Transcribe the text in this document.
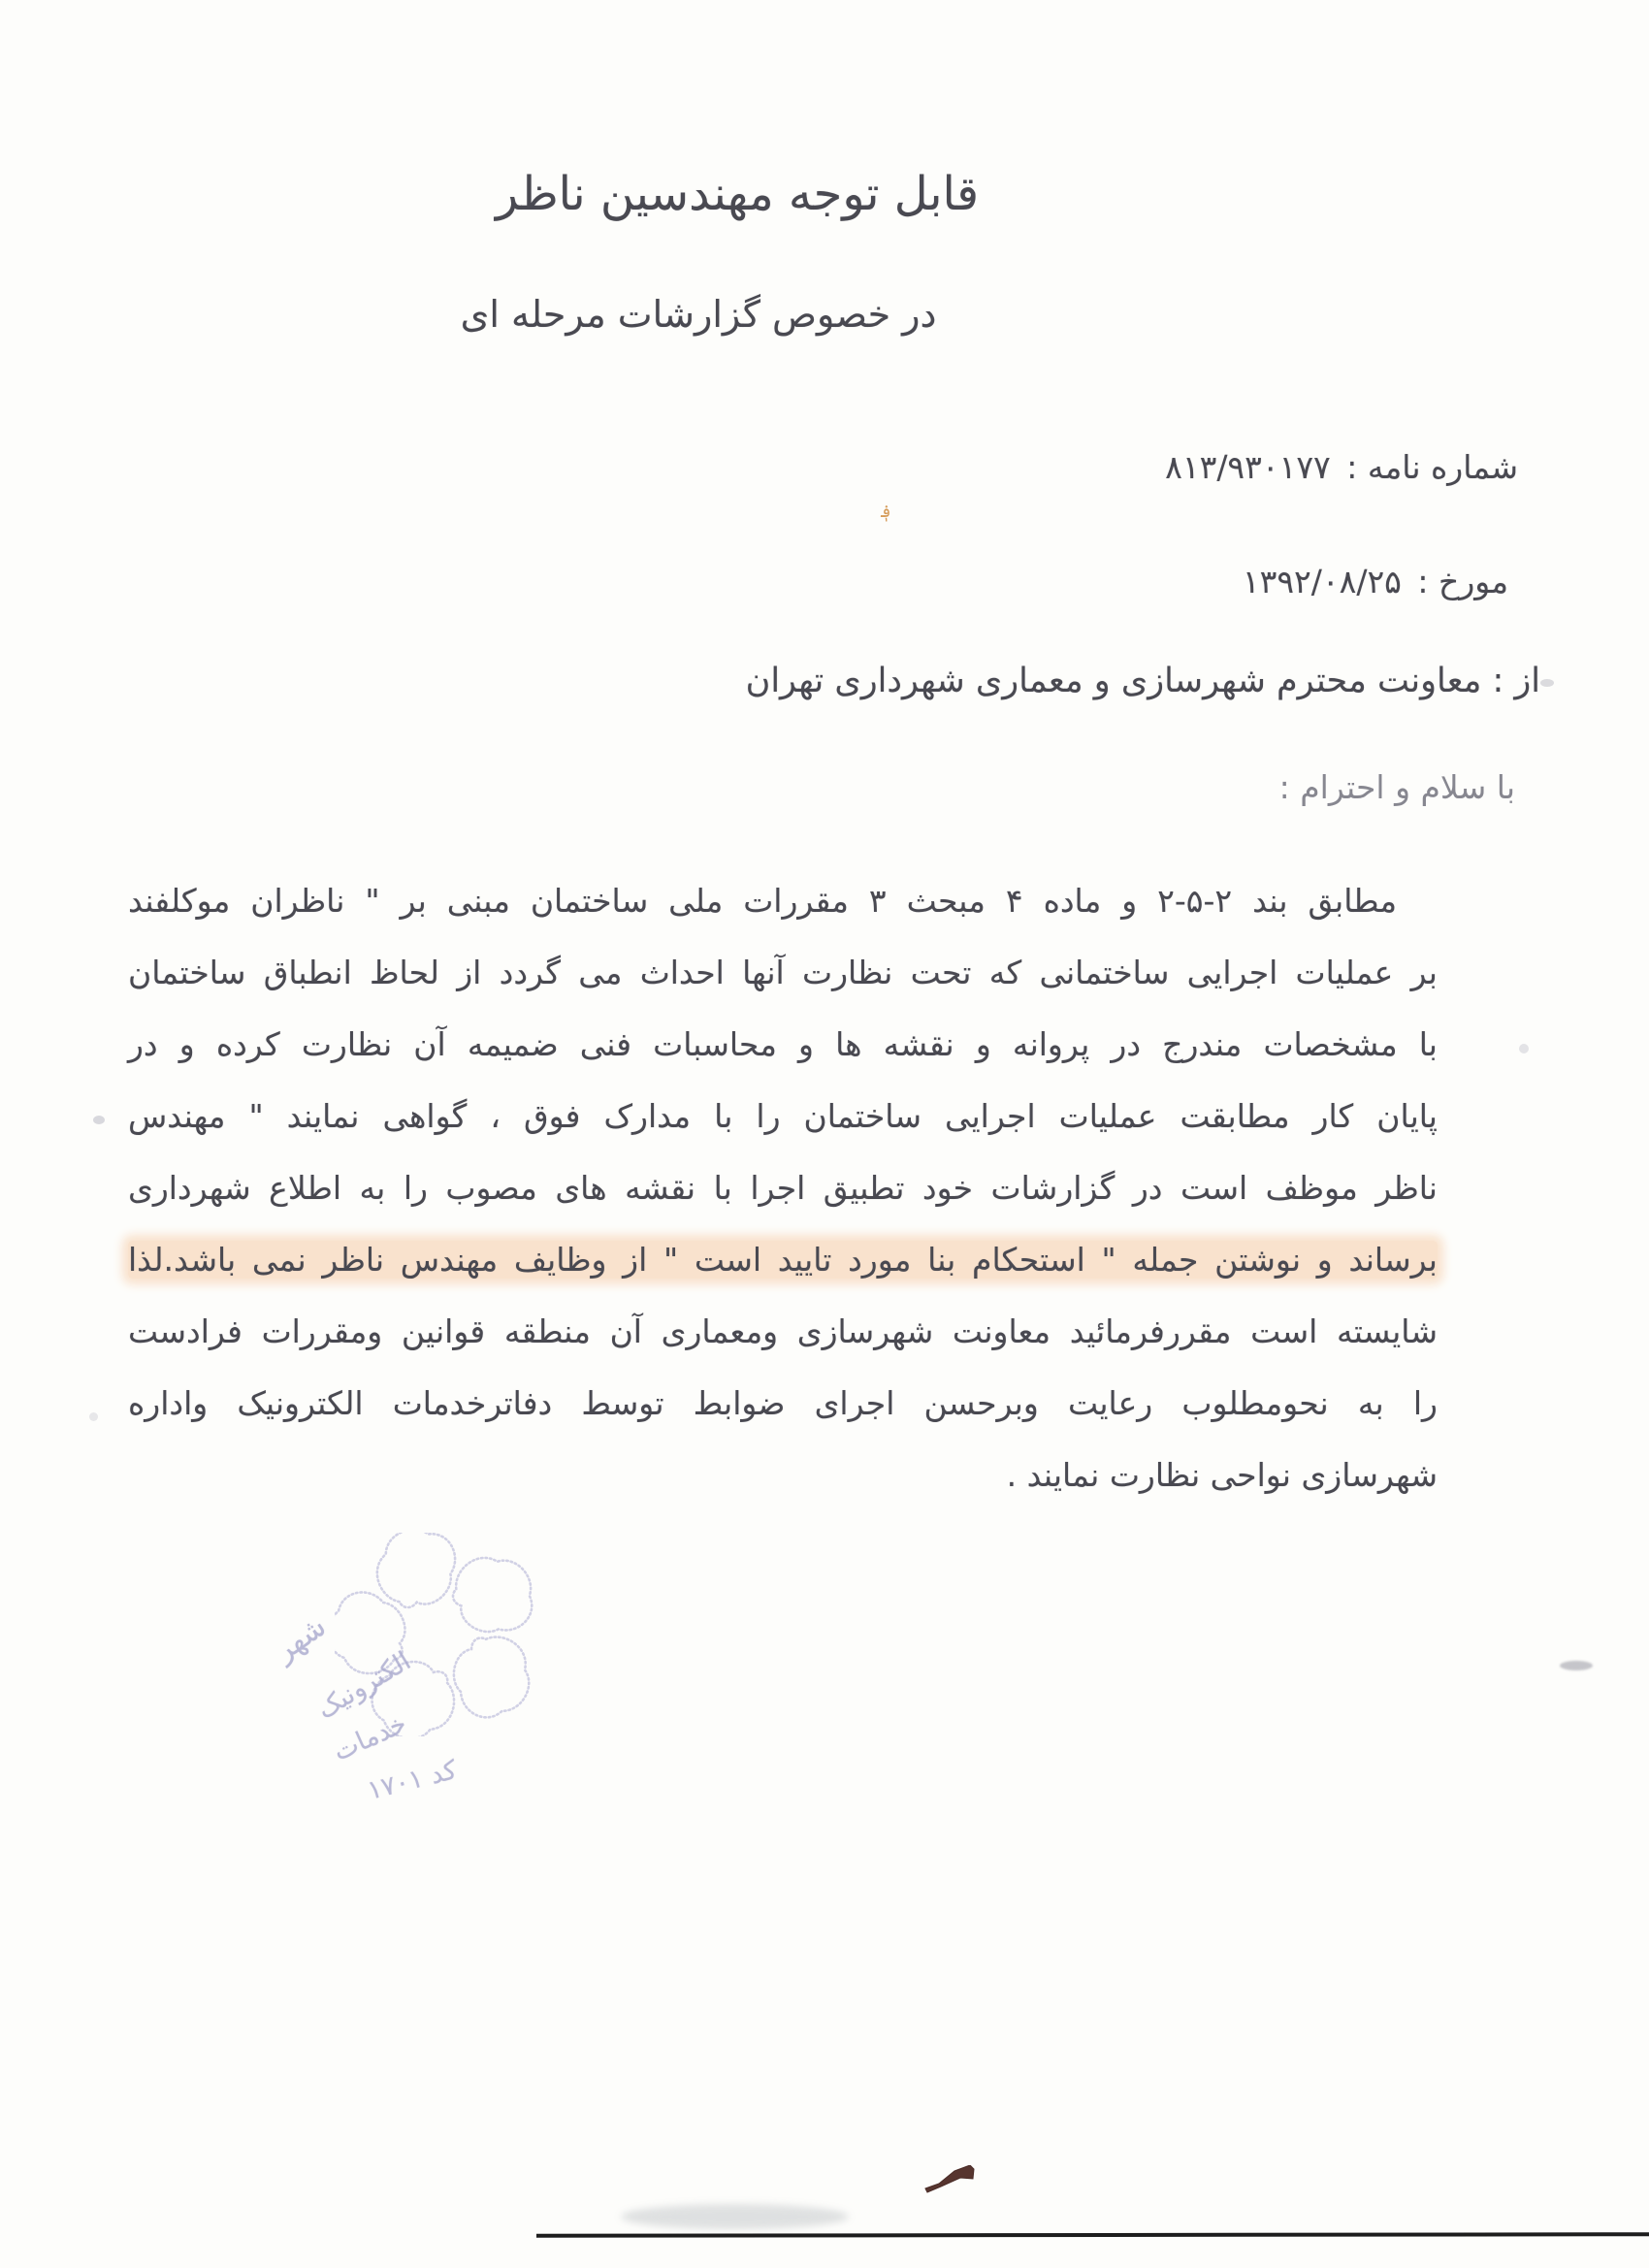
قابل توجه مهندسین ناظر
در خصوص گزارشات مرحله ای
شماره نامه : ۸۱۳/۹۳۰۱۷۷
مورخ : ۱۳۹۲/۰۸/۲۵
از : معاونت محترم شهرسازی و معماری شهرداری تهران
با سلام و احترام :
مطابق بند ۲-۵-۲ و ماده ۴ مبحث ۳ مقررات ملی ساختمان مبنی بر " ناظران موکلفند
بر عملیات اجرایی ساختمانی که تحت نظارت آنها احداث می گردد از لحاظ انطباق ساختمان
با مشخصات مندرج در پروانه و نقشه ها و محاسبات فنی ضمیمه آن نظارت کرده و در
پایان کار مطابقت عملیات اجرایی ساختمان را با مدارک فوق ، گواهی نمایند " مهندس
ناظر موظف است در گزارشات خود تطبیق اجرا با نقشه های مصوب را به اطلاع شهرداری
برساند و نوشتن جمله " استحکام بنا مورد تایید است " از وظایف مهندس ناظر نمی باشد.لذا
شایسته است مقررفرمائید معاونت شهرسازی ومعماری آن منطقه قوانین ومقررات فرادست
را به نحومطلوب رعایت وبرحسن اجرای ضوابط توسط دفاترخدمات الکترونیک واداره
شهرسازی نواحی نظارت نمایند .
شهر
الکترونیک
خدمات
کد ۱۷۰۱
؋
